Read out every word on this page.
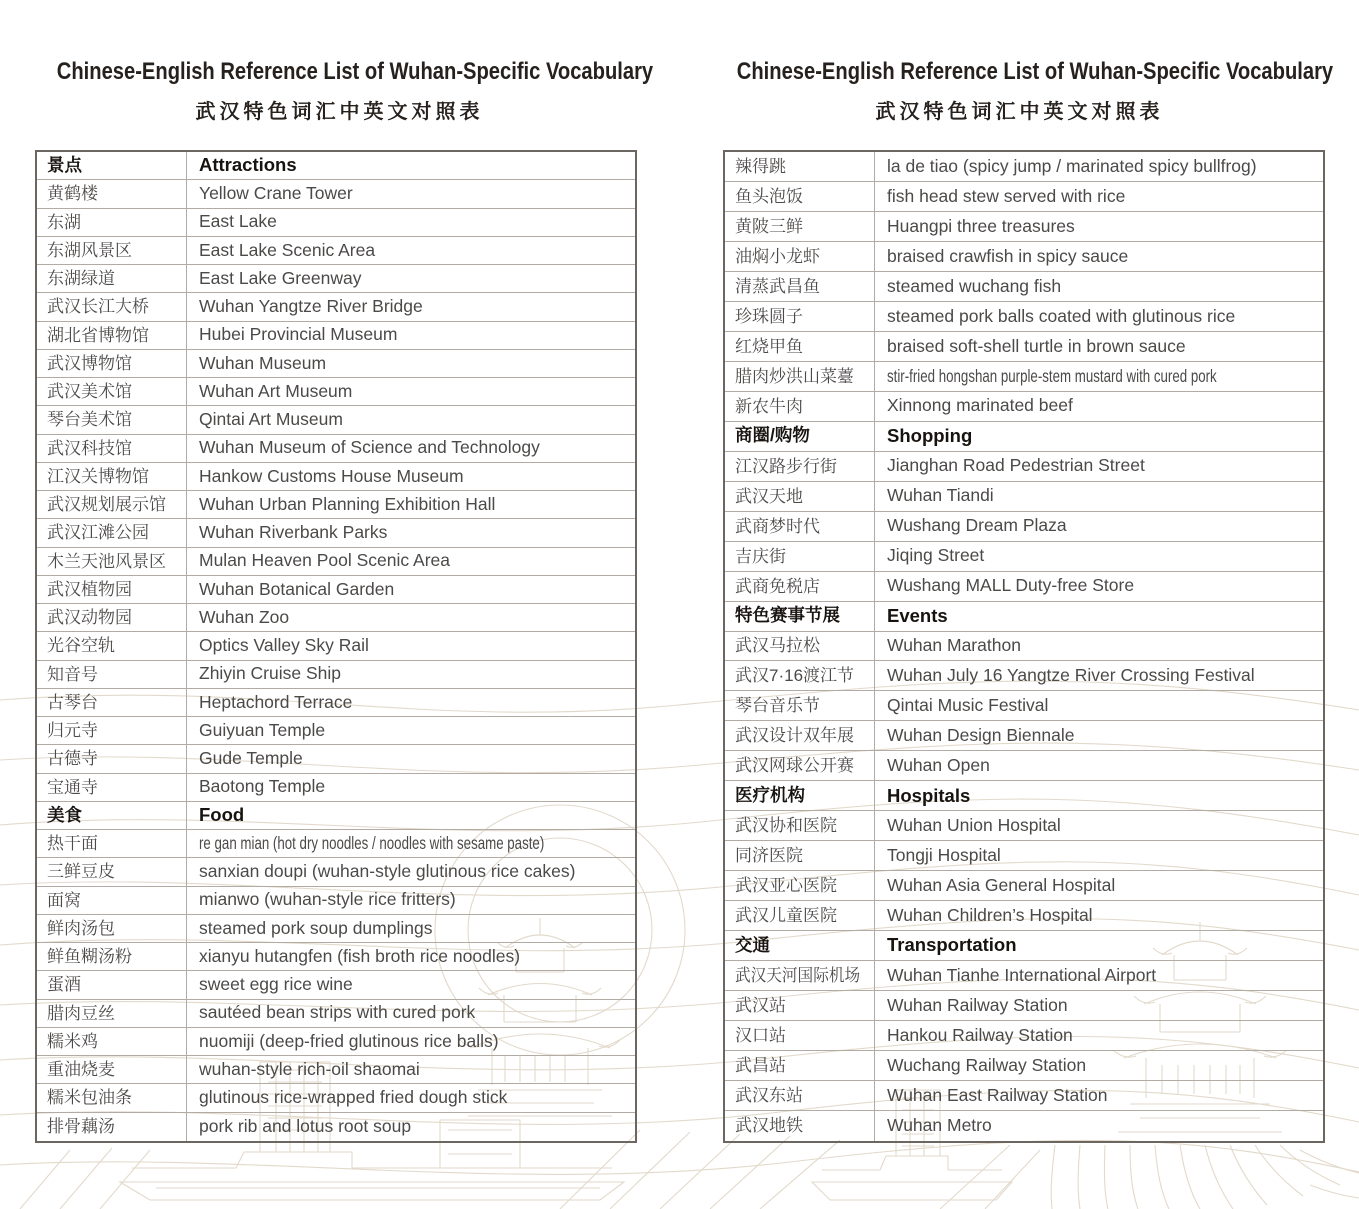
Chinese-English Reference List of Wuhan-Specific Vocabulary
武汉特色词汇中英文对照表
Chinese-English Reference List of Wuhan-Specific Vocabulary
武汉特色词汇中英文对照表
景点	Attractions
黄鹤楼	Yellow Crane Tower
东湖	East Lake
东湖风景区	East Lake Scenic Area
东湖绿道	East Lake Greenway
武汉长江大桥	Wuhan Yangtze River Bridge
湖北省博物馆	Hubei Provincial Museum
武汉博物馆	Wuhan Museum
武汉美术馆	Wuhan Art Museum
琴台美术馆	Qintai Art Museum
武汉科技馆	Wuhan Museum of Science and Technology
江汉关博物馆	Hankow Customs House Museum
武汉规划展示馆 Wuhan Urban Planning Exhibition Hall
武汉江滩公园	Wuhan Riverbank Parks
木兰天池风景区 Mulan Heaven Pool Scenic Area
武汉植物园	Wuhan Botanical Garden
武汉动物园	Wuhan Zoo
光谷空轨	Optics Valley Sky Rail
知音号	Zhiyin Cruise Ship
古琴台	Heptachord Terrace
归元寺	Guiyuan Temple
古德寺	Gude Temple
宝通寺	Baotong Temple
美食	Food
热干面	re gan mian (hot dry noodles / noodles with sesame paste)
三鲜豆皮	sanxian doupi (wuhan-style glutinous rice cakes)
面窝	mianwo (wuhan-style rice fritters)
鲜肉汤包	steamed pork soup dumplings
鲜鱼糊汤粉	xianyu hutangfen (fish broth rice noodles)
蛋酒	sweet egg rice wine
腊肉豆丝	sautéed bean strips with cured pork
糯米鸡	nuomiji (deep-fried glutinous rice balls)
重油烧麦	wuhan-style rich-oil shaomai
糯米包油条	glutinous rice-wrapped fried dough stick
排骨藕汤	pork rib and lotus root soup
辣得跳	la de tiao (spicy jump / marinated spicy bullfrog)
鱼头泡饭	fish head stew served with rice
黄陂三鲜	Huangpi three treasures
油焖小龙虾	braised crawfish in spicy sauce
清蒸武昌鱼	steamed wuchang fish
珍珠圆子	steamed pork balls coated with glutinous rice
红烧甲鱼	braised soft-shell turtle in brown sauce
腊肉炒洪山菜薹 stir-fried hongshan purple-stem mustard with cured pork
新农牛肉	Xinnong marinated beef
商圈/购物	Shopping
江汉路步行街	Jianghan Road Pedestrian Street
武汉天地	Wuhan Tiandi
武商梦时代	Wushang Dream Plaza
吉庆街	Jiqing Street
武商免税店	Wushang MALL Duty-free Store
特色赛事节展	Events
武汉马拉松	Wuhan Marathon
武汉7·16渡江节 Wuhan July 16 Yangtze River Crossing Festival
琴台音乐节	Qintai Music Festival
武汉设计双年展 Wuhan Design Biennale
武汉网球公开赛 Wuhan Open
医疗机构	Hospitals
武汉协和医院	Wuhan Union Hospital
同济医院	Tongji Hospital
武汉亚心医院	Wuhan Asia General Hospital
武汉儿童医院	Wuhan Children’s Hospital
交通	Transportation
武汉天河国际机场 Wuhan Tianhe International Airport
武汉站	Wuhan Railway Station
汉口站	Hankou Railway Station
武昌站	Wuchang Railway Station
武汉东站	Wuhan East Railway Station
武汉地铁	Wuhan Metro
